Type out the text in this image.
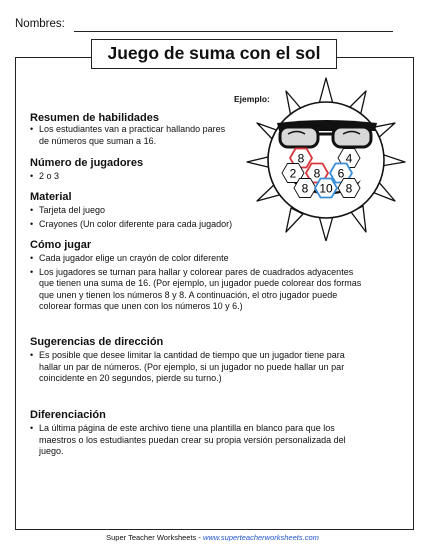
Nombres:
Juego de suma con el sol
Ejemplo:
8	4
2 8 6
8 10 8
Resumen de habilidades
• Los estudiantes van a practicar hallando pares de números que suman a 16.
Número de jugadores
• 2 o 3
Material
• Tarjeta del juego
• Crayones (Un color diferente para cada jugador)
Cómo jugar
• Cada jugador elige un crayón de color diferente
• Los jugadores se turnan para hallar y colorear pares de cuadrados adyacentes que tienen una suma de 16. (Por ejemplo, un jugador puede colorear dos formas que unen y tienen los números 8 y 8. A continuación, el otro jugador puede colorear formas que unen con los números 10 y 6.)
Sugerencias de dirección
• Es posible que desee limitar la cantidad de tiempo que un jugador tiene para hallar un par de números. (Por ejemplo, si un jugador no puede hallar un par coincidente en 20 segundos, pierde su turno.)
Diferenciación
• La última página de este archivo tiene una plantilla en blanco para que los maestros o los estudiantes puedan crear su propia versión personalizada del juego.
Super Teacher Worksheets - www.superteacherworksheets.com
